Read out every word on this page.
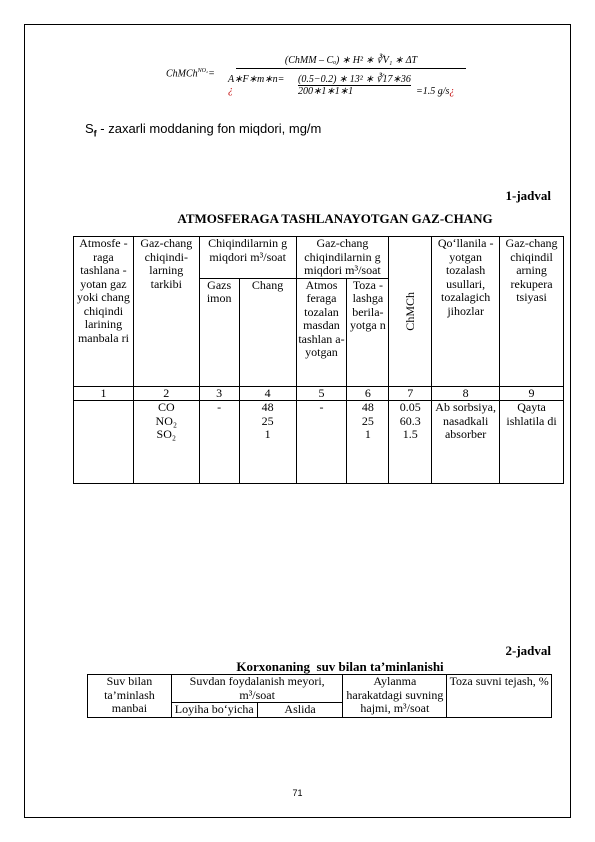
ChMCh$^{NO_2}$=
(ChMM – Cₒ) ∗ H² ∗ ∛V₁ ∗ ΔT
A∗F∗m∗n=
¿
(0.5−0.2) ∗ 13² ∗ ∛17∗36
200∗1∗1∗1	=1.5 g/s¿
$S_f$ - zaxarli moddaning fon miqdori, mg/m
1-jadval
ATMOSFERAGA TASHLANAYOTGAN GAZ-CHANG
Atmosfe -raga tashlana -yotan gaz yoki chang chiqindi larining manbala ri	Gaz-chang chiqindi-larning tarkibi	Chiqindilarnin g miqdori m³/soat		Gaz-chang chiqindilarnin g miqdori m³/soat		ChMCh	Qo‘llanila -yotgan tozalash usullari, tozalagich jihozlar	Gaz-chang chiqindil arning rekupera tsiyasi
		Gazs imon	Chang	Atmos feraga tozalan masdan tashlan a-yotgan	Toza -lashga berila-yotga n			
1	2	3	4	5	6	7	8	9
	CO
NO₂
SO₂	-	48
25
1	-	48
25
1	0.05
60.3
1.5	Ab sorbsiya, nasadkali absorber	Qayta ishlatila di
2-jadval
Korxonaning  suv bilan ta’minlanishi
Suv bilan ta’minlash manbai	Suvdan foydalanish meyori, m³/soat		Aylanma harakatdagi suvning hajmi, m³/soat	Toza suvni tejash, %
	Loyiha bo‘yicha	Aslida		
71
